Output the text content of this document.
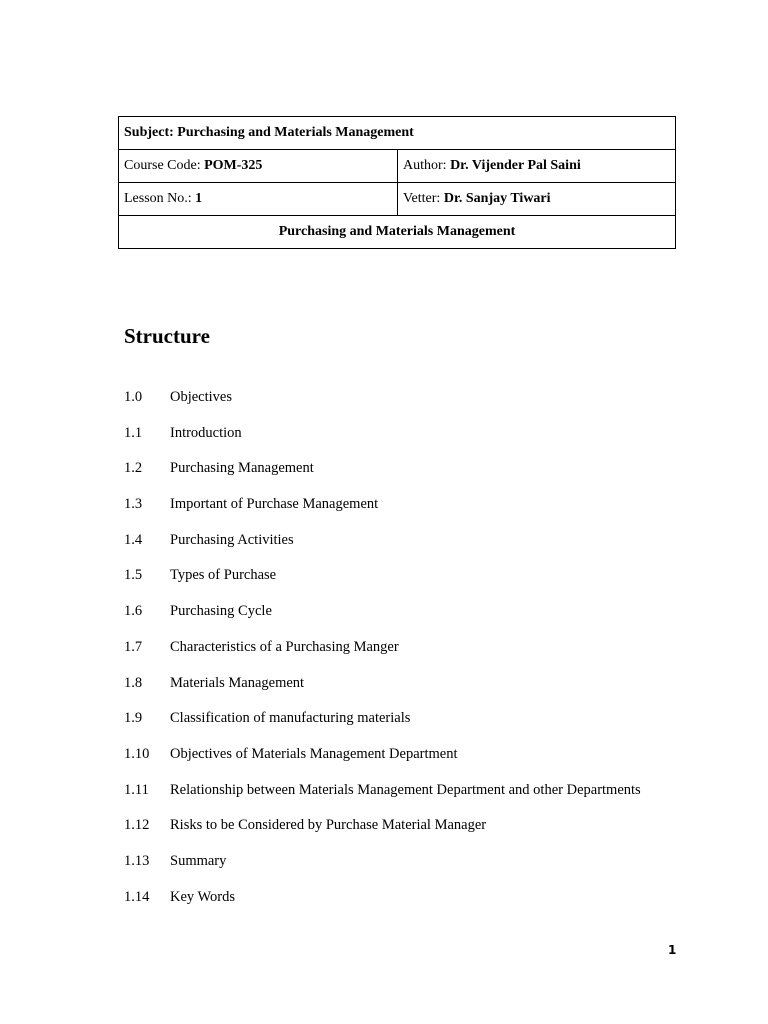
Subject: Purchasing and Materials Management	
Course Code: POM-325	Author: Dr. Vijender Pal Saini
Lesson No.: 1	Vetter: Dr. Sanjay Tiwari
Purchasing and Materials Management	
Structure
1.0	Objectives
1.1	Introduction
1.2	Purchasing Management
1.3	Important of Purchase Management
1.4	Purchasing Activities
1.5	Types of Purchase
1.6	Purchasing Cycle
1.7	Characteristics of a Purchasing Manger
1.8	Materials Management
1.9	Classification of manufacturing materials
1.10	Objectives of Materials Management Department
1.11	Relationship between Materials Management Department and other Departments
1.12	Risks to be Considered by Purchase Material Manager
1.13	Summary
1.14	Key Words
1
